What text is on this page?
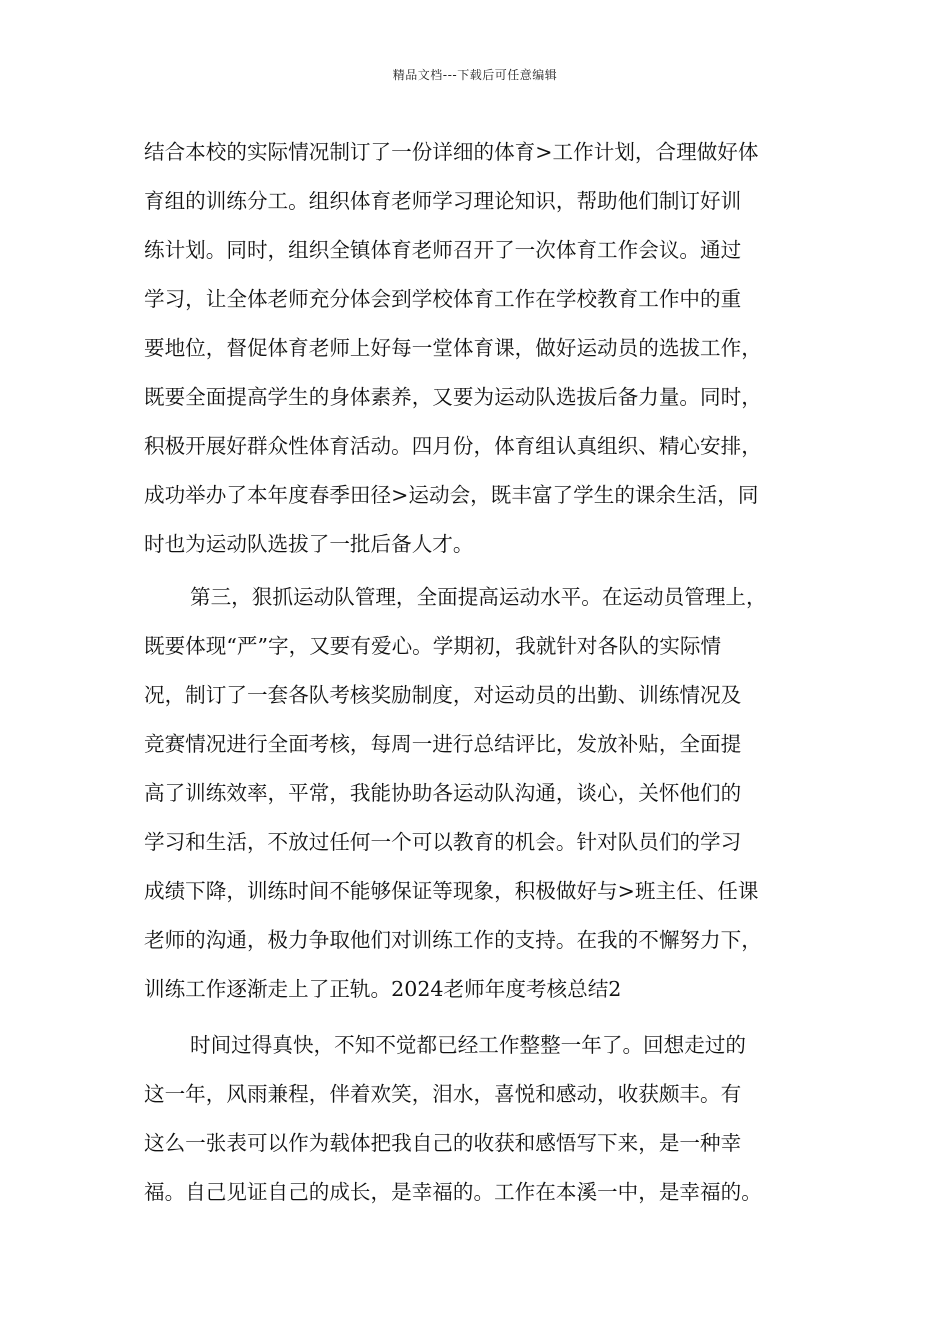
精品文档---下载后可任意编辑
结合本校的实际情况制订了一份详细的体育>工作计划，合理做好体
育组的训练分工。组织体育老师学习理论知识，帮助他们制订好训
练计划。同时，组织全镇体育老师召开了一次体育工作会议。通过
学习，让全体老师充分体会到学校体育工作在学校教育工作中的重
要地位，督促体育老师上好每一堂体育课，做好运动员的选拔工作，
既要全面提高学生的身体素养，又要为运动队选拔后备力量。同时，
积极开展好群众性体育活动。四月份，体育组认真组织、精心安排，
成功举办了本年度春季田径>运动会，既丰富了学生的课余生活，同
时也为运动队选拔了一批后备人才。
第三，狠抓运动队管理，全面提高运动水平。在运动员管理上，
既要体现“严”字，又要有爱心。学期初，我就针对各队的实际情
况，制订了一套各队考核奖励制度，对运动员的出勤、训练情况及
竞赛情况进行全面考核，每周一进行总结评比，发放补贴，全面提
高了训练效率，平常，我能协助各运动队沟通，谈心，关怀他们的
学习和生活，不放过任何一个可以教育的机会。针对队员们的学习
成绩下降，训练时间不能够保证等现象，积极做好与>班主任、任课
老师的沟通，极力争取他们对训练工作的支持。在我的不懈努力下，
训练工作逐渐走上了正轨。2024老师年度考核总结2
时间过得真快，不知不觉都已经工作整整一年了。回想走过的
这一年，风雨兼程，伴着欢笑，泪水，喜悦和感动，收获颇丰。有
这么一张表可以作为载体把我自己的收获和感悟写下来，是一种幸
福。自己见证自己的成长，是幸福的。工作在本溪一中，是幸福的。
